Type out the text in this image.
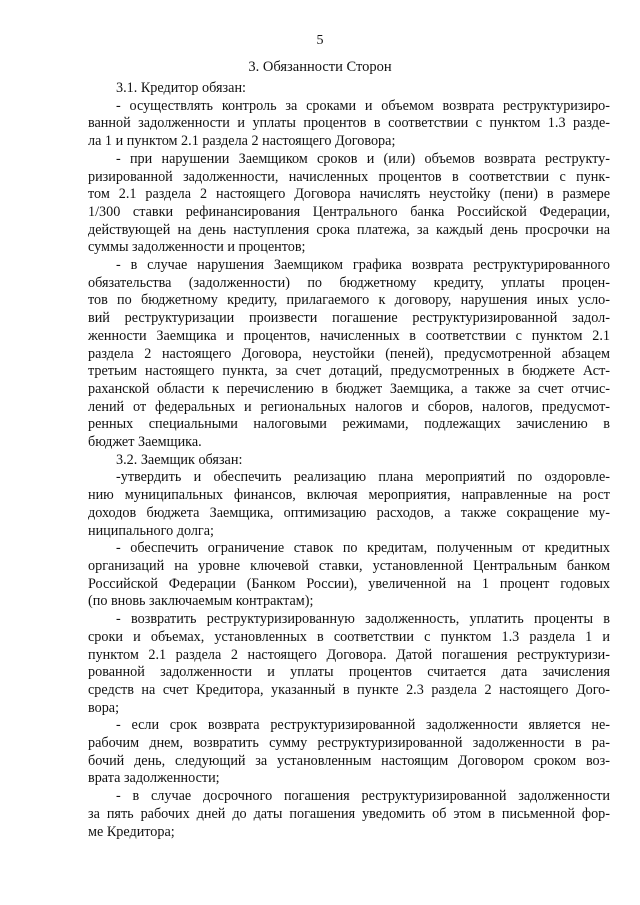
5
3. Обязанности Сторон
3.1. Кредитор обязан:
- осуществлять контроль за сроками и объемом возврата реструктуризиро-
ванной задолженности и уплаты процентов в соответствии с пунктом 1.3 разде-
ла 1 и пунктом 2.1 раздела 2 настоящего Договора;
- при нарушении Заемщиком сроков и (или) объемов возврата реструкту-
ризированной задолженности, начисленных процентов в соответствии с пунк-
том 2.1 раздела 2 настоящего Договора начислять неустойку (пени) в размере
1/300 ставки рефинансирования Центрального банка Российской Федерации,
действующей на день наступления срока платежа, за каждый день просрочки на
суммы задолженности и процентов;
- в случае нарушения Заемщиком графика возврата реструктурированного
обязательства (задолженности) по бюджетному кредиту, уплаты процен-
тов по бюджетному кредиту, прилагаемого к договору, нарушения иных усло-
вий реструктуризации произвести погашение реструктуризированной задол-
женности Заемщика и процентов, начисленных в соответствии с пунктом 2.1
раздела 2 настоящего Договора, неустойки (пеней), предусмотренной абзацем
третьим настоящего пункта, за счет дотаций, предусмотренных в бюджете Аст-
раханской области к перечислению в бюджет Заемщика, а также за счет отчис-
лений от федеральных и региональных налогов и сборов, налогов, предусмот-
ренных специальными налоговыми режимами, подлежащих зачислению в
бюджет Заемщика.
3.2. Заемщик обязан:
-утвердить и обеспечить реализацию плана мероприятий по оздоровле-
нию муниципальных финансов, включая мероприятия, направленные на рост
доходов бюджета Заемщика, оптимизацию расходов, а также сокращение му-
ниципального долга;
- обеспечить ограничение ставок по кредитам, полученным от кредитных
организаций на уровне ключевой ставки, установленной Центральным банком
Российской Федерации (Банком России), увеличенной на 1 процент годовых
(по вновь заключаемым контрактам);
- возвратить реструктуризированную задолженность, уплатить проценты в
сроки и объемах, установленных в соответствии с пунктом 1.3 раздела 1 и
пунктом 2.1 раздела 2 настоящего Договора. Датой погашения реструктуризи-
рованной задолженности и уплаты процентов считается дата зачисления
средств на счет Кредитора, указанный в пункте 2.3 раздела 2 настоящего Дого-
вора;
- если срок возврата реструктуризированной задолженности является не-
рабочим днем, возвратить сумму реструктуризированной задолженности в ра-
бочий день, следующий за установленным настоящим Договором сроком воз-
врата задолженности;
- в случае досрочного погашения реструктуризированной задолженности
за пять рабочих дней до даты погашения уведомить об этом в письменной фор-
ме Кредитора;
